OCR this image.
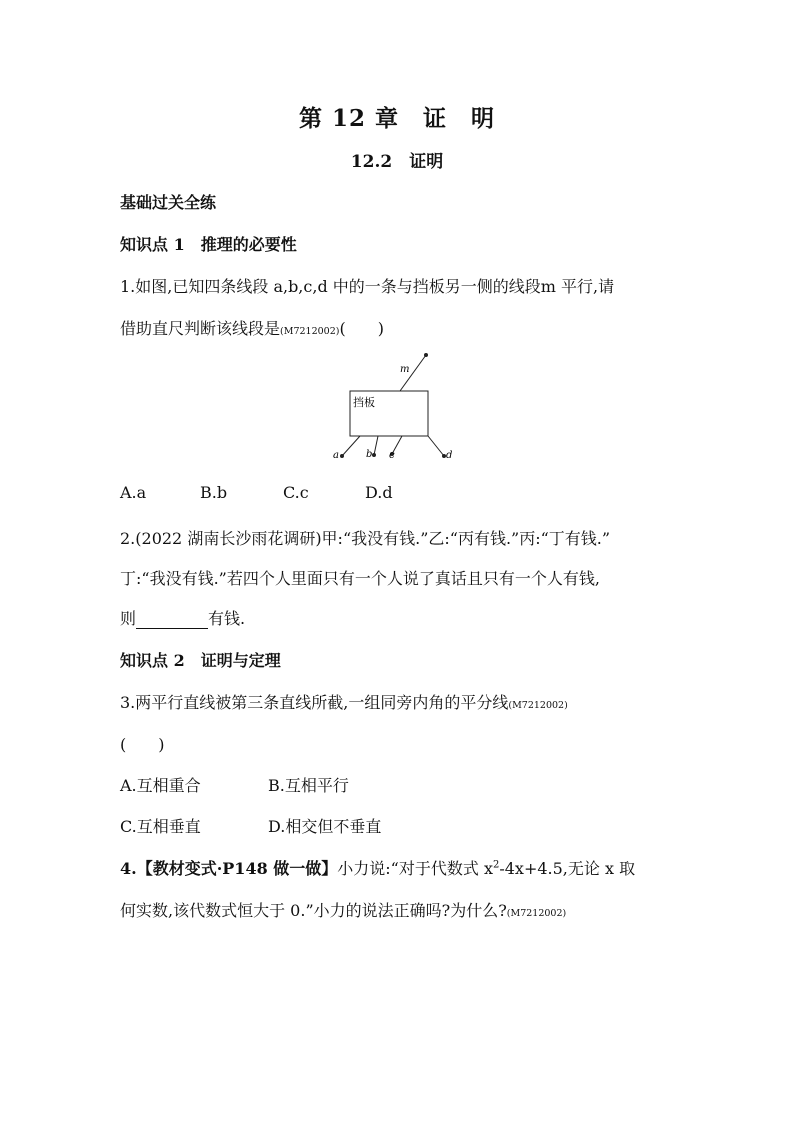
第 12 章　证　明
12.2　证明
基础过关全练
知识点 1　推理的必要性
1.如图,已知四条线段 a,b,c,d 中的一条与挡板另一侧的线段m 平行,请
借助直尺判断该线段是(M7212002)(　　)
m
挡板
a	b c	d
A.a	B.b	C.c	D.d
2.(2022 湖南长沙雨花调研)甲:“我没有钱.”乙:“丙有钱.”丙:“丁有钱.”
丁:“我没有钱.”若四个人里面只有一个人说了真话且只有一个人有钱,
则	有钱.
知识点 2　证明与定理
3.两平行直线被第三条直线所截,一组同旁内角的平分线(M7212002)
(　　)
A.互相重合	B.互相平行
C.互相垂直	D.相交但不垂直
4.【教材变式·P148 做一做】小力说:“对于代数式 $x^2-4x+4.5$,无论 x 取
何实数,该代数式恒大于 0.”小力的说法正确吗?为什么?(M7212002)
